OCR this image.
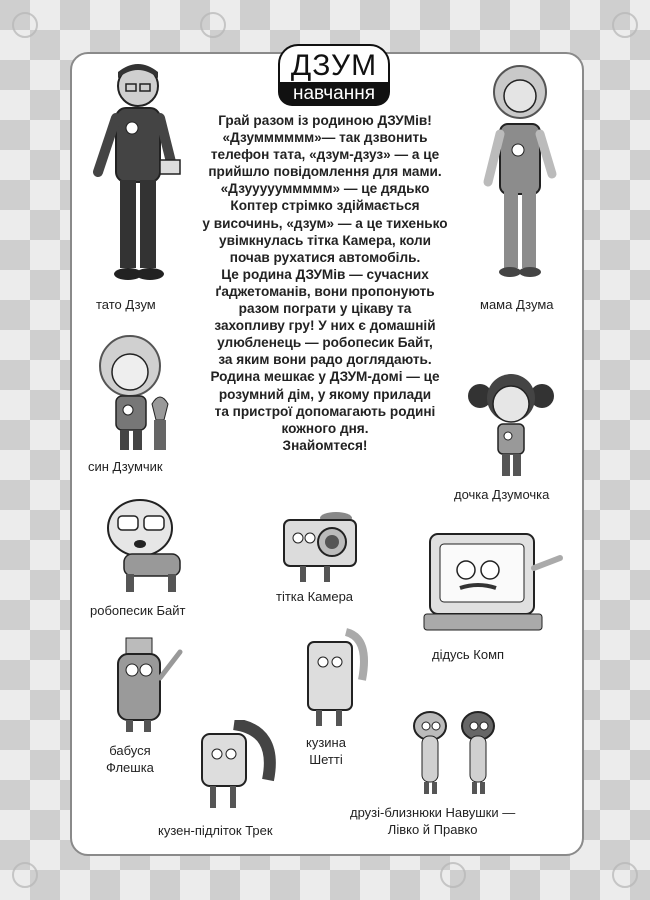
ДЗУМ
навчання
Грай разом із родиною ДЗУМів!
«Дзумммммм»— так дзвонить
телефон тата, «дзум-дзуз» — а це
прийшло повідомлення для мами.
«Дзуууууммммм» — це дядько
Коптер стрімко здіймається
у височинь, «дзум» — а це тихенько
увімкнулась тітка Камера, коли
почав рухатися автомобіль.
Це родина ДЗУМів — сучасних
ґаджетоманів, вони пропонують
разом пограти у цікаву та
захопливу гру! У них є домашній
улюбленець — робопесик Байт,
за яким вони радо доглядають.
Родина мешкає у ДЗУМ-домі — це
розумний дім, у якому прилади
та пристрої допомагають родині
кожного дня.
Знайомтеся!
тато Дзум	мама Дзума
син Дзумчик
дочка Дзумочка
робопесик Байт
тітка Камера
дідусь Комп
бабуся
Флешка
кузина
Шетті
кузен-підліток Трек
друзі-близнюки Навушки —
Лівко й Правко
